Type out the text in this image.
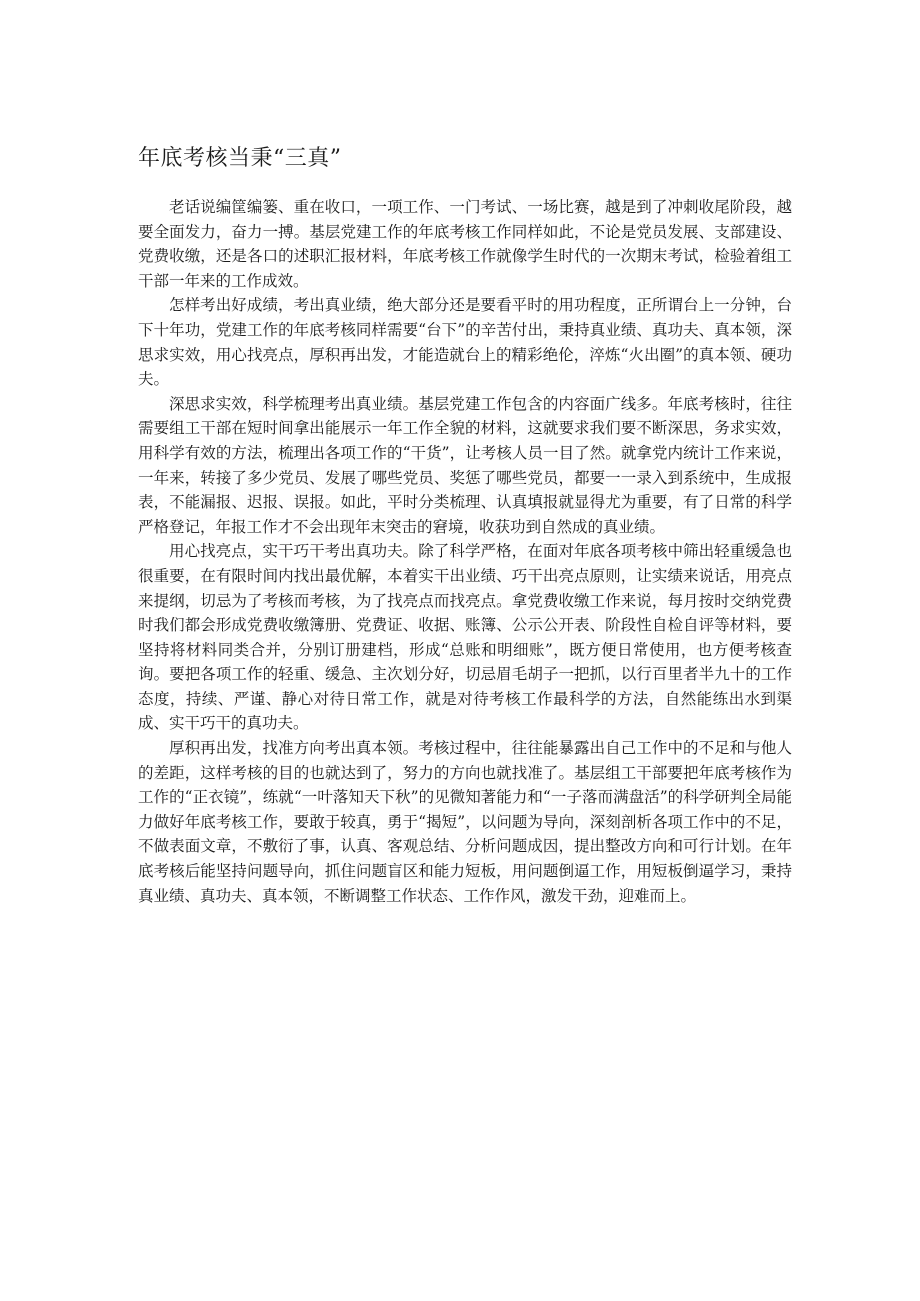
年底考核当秉“三真”

老话说编筐编篓、重在收口，一项工作、一门考试、一场比赛，越是到了冲刺收尾阶段，越要全面发力，奋力一搏。基层党建工作的年底考核工作同样如此，不论是党员发展、支部建设、党费收缴，还是各口的述职汇报材料，年底考核工作就像学生时代的一次期末考试，检验着组工干部一年来的工作成效。

怎样考出好成绩，考出真业绩，绝大部分还是要看平时的用功程度，正所谓台上一分钟，台下十年功，党建工作的年底考核同样需要“台下”的辛苦付出，秉持真业绩、真功夫、真本领，深思求实效，用心找亮点，厚积再出发，才能造就台上的精彩绝伦，淬炼“火出圈”的真本领、硬功夫。

深思求实效，科学梳理考出真业绩。基层党建工作包含的内容面广线多。年底考核时，往往需要组工干部在短时间拿出能展示一年工作全貌的材料，这就要求我们要不断深思，务求实效，用科学有效的方法，梳理出各项工作的“干货”，让考核人员一目了然。就拿党内统计工作来说，一年来，转接了多少党员、发展了哪些党员、奖惩了哪些党员，都要一一录入到系统中，生成报表，不能漏报、迟报、误报。如此，平时分类梳理、认真填报就显得尤为重要，有了日常的科学严格登记，年报工作才不会出现年末突击的窘境，收获功到自然成的真业绩。

用心找亮点，实干巧干考出真功夫。除了科学严格，在面对年底各项考核中筛出轻重缓急也很重要，在有限时间内找出最优解，本着实干出业绩、巧干出亮点原则，让实绩来说话，用亮点来提纲，切忌为了考核而考核，为了找亮点而找亮点。拿党费收缴工作来说，每月按时交纳党费时我们都会形成党费收缴簿册、党费证、收据、账簿、公示公开表、阶段性自检自评等材料，要坚持将材料同类合并，分别订册建档，形成“总账和明细账”，既方便日常使用，也方便考核查询。要把各项工作的轻重、缓急、主次划分好，切忌眉毛胡子一把抓，以行百里者半九十的工作态度，持续、严谨、静心对待日常工作，就是对待考核工作最科学的方法，自然能练出水到渠成、实干巧干的真功夫。

厚积再出发，找准方向考出真本领。考核过程中，往往能暴露出自己工作中的不足和与他人的差距，这样考核的目的也就达到了，努力的方向也就找准了。基层组工干部要把年底考核作为工作的“正衣镜”，练就“一叶落知天下秋”的见微知著能力和“一子落而满盘活”的科学研判全局能力做好年底考核工作，要敢于较真，勇于“揭短”，以问题为导向，深刻剖析各项工作中的不足，不做表面文章，不敷衍了事，认真、客观总结、分析问题成因，提出整改方向和可行计划。在年底考核后能坚持问题导向，抓住问题盲区和能力短板，用问题倒逼工作，用短板倒逼学习，秉持真业绩、真功夫、真本领，不断调整工作状态、工作作风，激发干劲，迎难而上。
